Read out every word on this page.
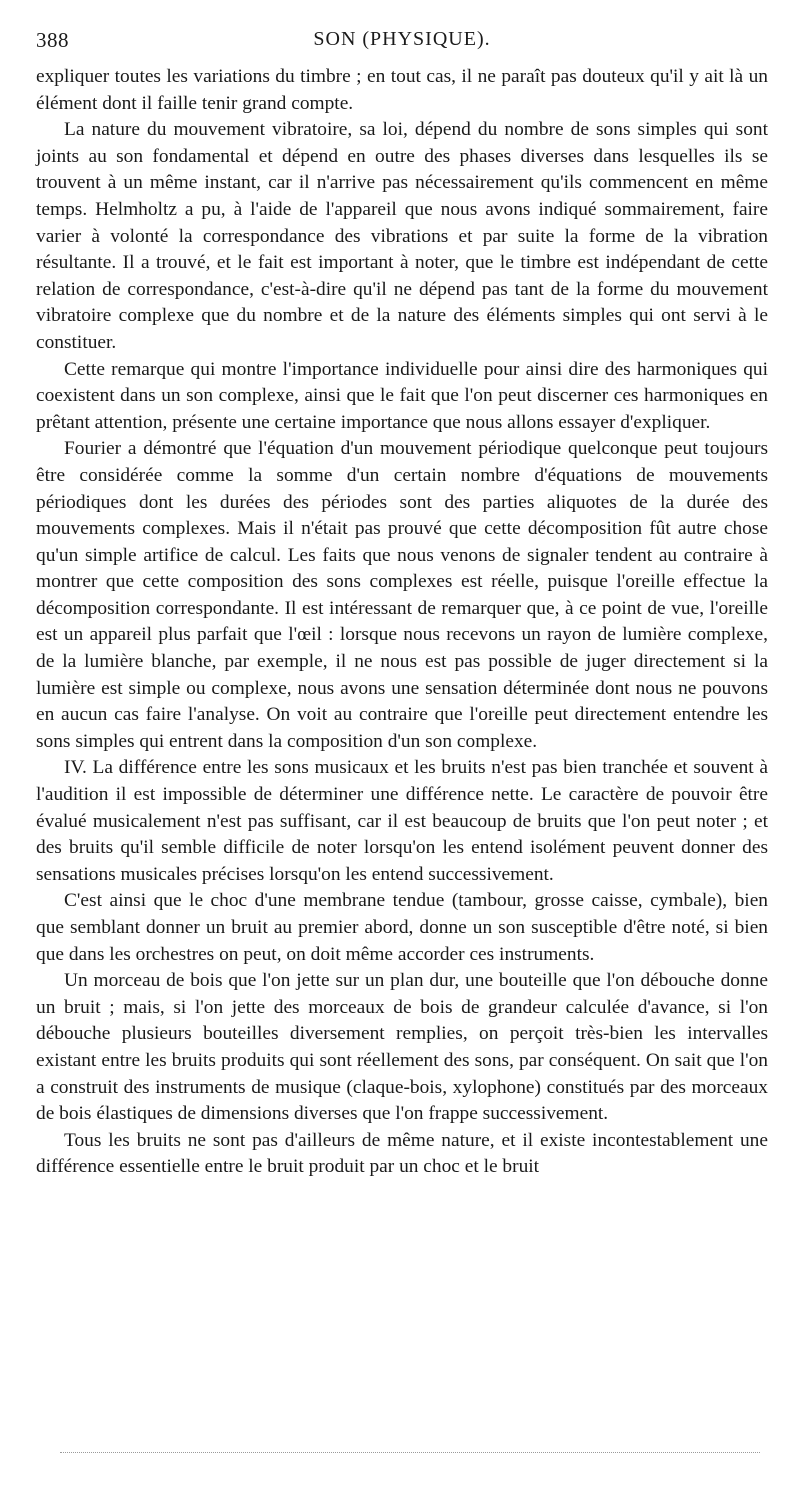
388	SON (PHYSIQUE).

expliquer toutes les variations du timbre ; en tout cas, il ne paraît pas douteux qu'il y ait là un élément dont il faille tenir grand compte.

La nature du mouvement vibratoire, sa loi, dépend du nombre de sons simples qui sont joints au son fondamental et dépend en outre des phases diverses dans lesquelles ils se trouvent à un même instant, car il n'arrive pas nécessairement qu'ils commencent en même temps. Helmholtz a pu, à l'aide de l'appareil que nous avons indiqué sommairement, faire varier à volonté la correspondance des vibrations et par suite la forme de la vibration résultante. Il a trouvé, et le fait est important à noter, que le timbre est indépendant de cette relation de correspondance, c'est-à-dire qu'il ne dépend pas tant de la forme du mouvement vibratoire complexe que du nombre et de la nature des éléments simples qui ont servi à le constituer.

Cette remarque qui montre l'importance individuelle pour ainsi dire des harmoniques qui coexistent dans un son complexe, ainsi que le fait que l'on peut discerner ces harmoniques en prêtant attention, présente une certaine importance que nous allons essayer d'expliquer.

Fourier a démontré que l'équation d'un mouvement périodique quelconque peut toujours être considérée comme la somme d'un certain nombre d'équations de mouvements périodiques dont les durées des périodes sont des parties aliquotes de la durée des mouvements complexes. Mais il n'était pas prouvé que cette décomposition fût autre chose qu'un simple artifice de calcul. Les faits que nous venons de signaler tendent au contraire à montrer que cette composition des sons complexes est réelle, puisque l'oreille effectue la décomposition correspondante. Il est intéressant de remarquer que, à ce point de vue, l'oreille est un appareil plus parfait que l'œil : lorsque nous recevons un rayon de lumière complexe, de la lumière blanche, par exemple, il ne nous est pas possible de juger directement si la lumière est simple ou complexe, nous avons une sensation déterminée dont nous ne pouvons en aucun cas faire l'analyse. On voit au contraire que l'oreille peut directement entendre les sons simples qui entrent dans la composition d'un son complexe.

IV. La différence entre les sons musicaux et les bruits n'est pas bien tranchée et souvent à l'audition il est impossible de déterminer une différence nette. Le caractère de pouvoir être évalué musicalement n'est pas suffisant, car il est beaucoup de bruits que l'on peut noter ; et des bruits qu'il semble difficile de noter lorsqu'on les entend isolément peuvent donner des sensations musicales précises lorsqu'on les entend successivement.

C'est ainsi que le choc d'une membrane tendue (tambour, grosse caisse, cymbale), bien que semblant donner un bruit au premier abord, donne un son susceptible d'être noté, si bien que dans les orchestres on peut, on doit même accorder ces instruments.

Un morceau de bois que l'on jette sur un plan dur, une bouteille que l'on débouche donne un bruit ; mais, si l'on jette des morceaux de bois de grandeur calculée d'avance, si l'on débouche plusieurs bouteilles diversement remplies, on perçoit très-bien les intervalles existant entre les bruits produits qui sont réellement des sons, par conséquent. On sait que l'on a construit des instruments de musique (claque-bois, xylophone) constitués par des morceaux de bois élastiques de dimensions diverses que l'on frappe successivement.

Tous les bruits ne sont pas d'ailleurs de même nature, et il existe incontestablement une différence essentielle entre le bruit produit par un choc et le bruit
